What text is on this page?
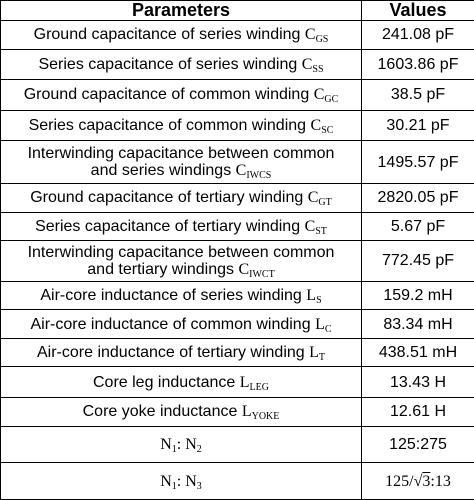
Parameters	Values
Ground capacitance of series winding $C_{GS}$	241.08 pF
Series capacitance of series winding $C_{SS}$	1603.86 pF
Ground capacitance of common winding $C_{GC}$	38.5 pF
Series capacitance of common winding $C_{SC}$	30.21 pF
Interwinding capacitance between common
and series windings $C_{IWCS}$	1495.57 pF
Ground capacitance of tertiary winding $C_{GT}$	2820.05 pF
Series capacitance of tertiary winding $C_{ST}$	5.67 pF
Interwinding capacitance between common
and tertiary windings $C_{IWCT}$	772.45 pF
Air-core inductance of series winding $L_S$	159.2 mH
Air-core inductance of common winding $L_C$	83.34 mH
Air-core inductance of tertiary winding $L_T$	438.51 mH
Core leg inductance $L_{LEG}$	13.43 H
Core yoke inductance $L_{YOKE}$	12.61 H
$N_1$: $N_2$	125:275
$N_1$: $N_3$	125/√3:13
